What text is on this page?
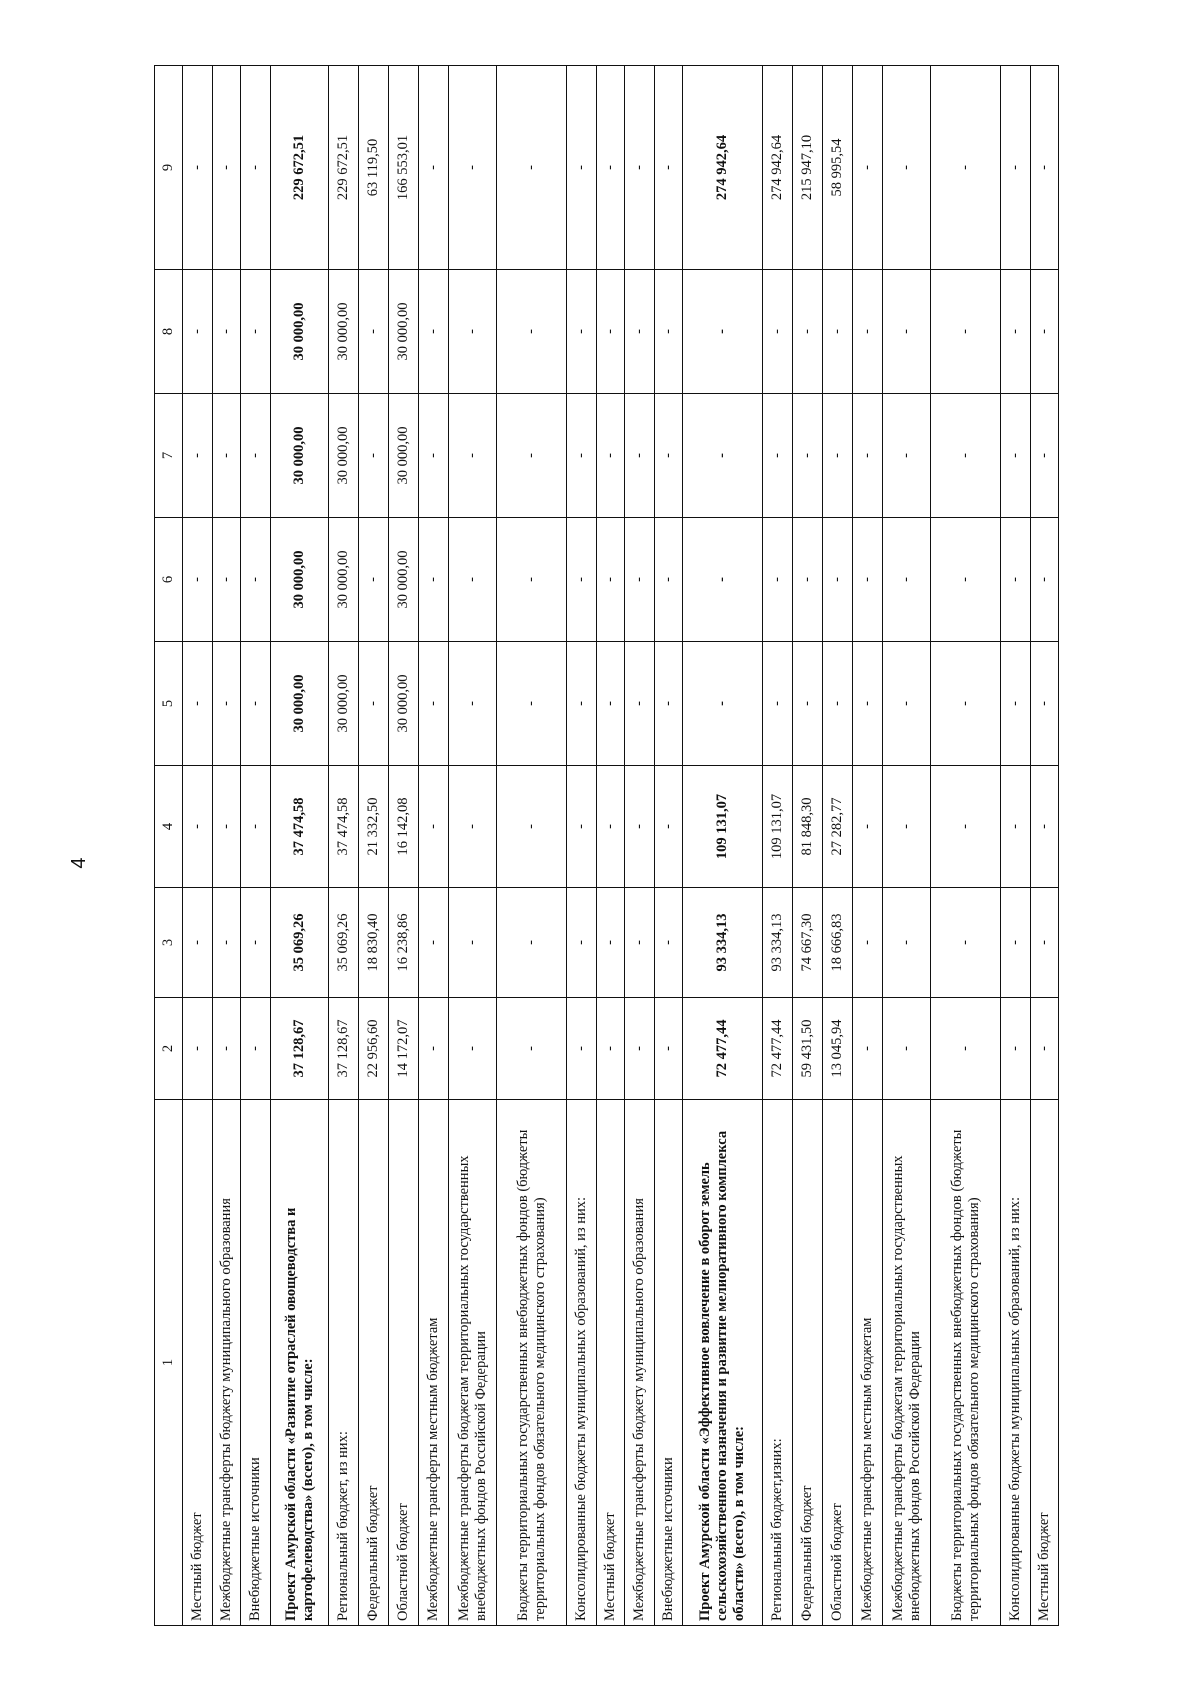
4
1	2	3	4	5	6	7	8	9
Местный бюджет	-	-	-	-	-	-	-	-
Межбюджетные трансферты бюджету муниципального образования	-	-	-	-	-	-	-	-
Внебюджетные источники	-	-	-	-	-	-	-	-
Проект Амурской области «Развитие отраслей овощеводства и картофелеводства» (всего), в том числе:	37 128,67	35 069,26	37 474,58	30 000,00	30 000,00	30 000,00	30 000,00	229 672,51
Региональный бюджет, из них:	37 128,67	35 069,26	37 474,58	30 000,00	30 000,00	30 000,00	30 000,00	229 672,51
Федеральный бюджет	22 956,60	18 830,40	21 332,50	-	-	-	-	63 119,50
Областной бюджет	14 172,07	16 238,86	16 142,08	30 000,00	30 000,00	30 000,00	30 000,00	166 553,01
Межбюджетные трансферты местным бюджетам	-	-	-	-	-	-	-	-
Межбюджетные трансферты бюджетам территориальных государственных внебюджетных фондов Российской Федерации	-	-	-	-	-	-	-	-
Бюджеты территориальных государственных внебюджетных фондов (бюджеты территориальных фондов обязательного медицинского страхования)	-	-	-	-	-	-	-	-
Консолидированные бюджеты муниципальных образований, из них:	-	-	-	-	-	-	-	-
Местный бюджет	-	-	-	-	-	-	-	-
Межбюджетные трансферты бюджету муниципального образования	-	-	-	-	-	-	-	-
Внебюджетные источники	-	-	-	-	-	-	-	-
Проект Амурской области «Эффективное вовлечение в оборот земель сельскохозяйственного назначения и развитие мелиоративного комплекса области» (всего), в том числе:	72 477,44	93 334,13	109 131,07	-	-	-	-	274 942,64
Региональный бюджет,изних:	72 477,44	93 334,13	109 131,07	-	-	-	-	274 942,64
Федеральный бюджет	59 431,50	74 667,30	81 848,30	-	-	-	-	215 947,10
Областной бюджет	13 045,94	18 666,83	27 282,77	-	-	-	-	58 995,54
Межбюджетные трансферты местным бюджетам	-	-	-	-	-	-	-	-
Межбюджетные трансферты бюджетам территориальных государственных внебюджетных фондов Российской Федерации	-	-	-	-	-	-	-	-
Бюджеты территориальных государственных внебюджетных фондов (бюджеты территориальных фондов обязательного медицинского страхования)	-	-	-	-	-	-	-	-
Консолидированные бюджеты муниципальных образований, из них:	-	-	-	-	-	-	-	-
Местный бюджет	-	-	-	-	-	-	-	-
